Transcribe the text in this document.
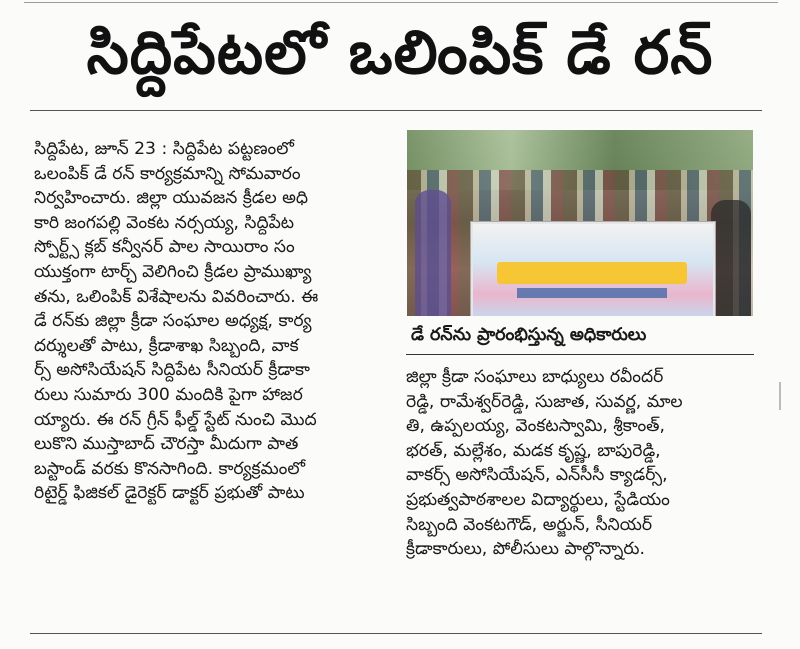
సిద్దిపేటలో ఒలింపిక్ డే రన్
సిద్దిపేట, జూన్ 23 : సిద్దిపేట పట్టణంలో
ఒలంపిక్ డే రన్ కార్యక్రమాన్ని సోమవారం
నిర్వహించారు. జిల్లా యువజన క్రీడల అధి
కారి జంగపల్లి వెంకట నర్సయ్య, సిద్దిపేట
స్పోర్ట్స్ క్లబ్ కన్వీనర్ పాల సాయిరాం సం
యుక్తంగా టార్చ్ వెలిగించి క్రీడల ప్రాముఖ్యా
తను, ఒలింపిక్ విశేషాలను వివరించారు. ఈ
డే రన్‌కు జిల్లా క్రీడా సంఘాల అధ్యక్ష, కార్య
దర్శులతో పాటు, క్రీడాశాఖ సిబ్బంది, వాక
ర్స్ అసోసియేషన్ సిద్దిపేట సీనియర్ క్రీడాకా
రులు సుమారు 300 మందికి పైగా హాజర
య్యారు. ఈ రన్ గ్రీన్ ఫీల్డ్ స్టేట్ నుంచి మొద
లుకొని ముస్తాబాద్ చౌరస్తా మీదుగా పాత
బస్టాండ్ వరకు కొనసాగింది. కార్యక్రమంలో
రిటైర్డ్ ఫిజికల్ డైరెక్టర్ డాక్టర్ ప్రభుతో పాటు
డే రన్‌ను ప్రారంభిస్తున్న అధికారులు
జిల్లా క్రీడా సంఘాలు బాధ్యులు రవీందర్
రెడ్డి, రామేశ్వర్‌రెడ్డి, సుజాత, సువర్ణ, మాల
తి, ఉప్పలయ్య, వెంకటస్వామి, శ్రీకాంత్,
భరత్, మల్లేశం, మడక కృష్ణ, బాపురెడ్డి,
వాకర్స్ అసోసియేషన్, ఎన్‌సీసీ క్యాడర్స్,
ప్రభుత్వపాఠశాలల విద్యార్థులు, స్టేడియం
సిబ్బంది వెంకటగౌడ్, అర్జున్, సీనియర్
క్రీడాకారులు, పోలీసులు పాల్గొన్నారు.
